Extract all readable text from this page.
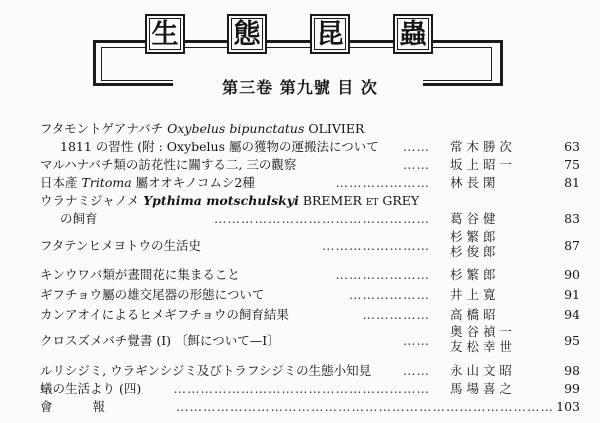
生 態 昆 蟲
第三卷 第九號 目 次
フタモントゲアナバチ Oxybelus bipunctatus OLIVIER
1811 の習性 (附 : Oxybelus 屬の獲物の運搬法について …… 常 木 勝 次	63
マルハナバチ類の訪花性に關する二, 三の觀察	…… 坂 上 昭 一	75
日本產 Tritoma 屬オオキノコムシ2種	………………… 林 長 閑	81
ウラナミジャノメ Ypthima motschulskyi BREMER et GREY
の飼育	………………………………………… 葛 谷 健	83
フタテンヒメヨトウの生活史	……………………
杉 繁 郎
杉 俊 郎	87
キンウワバ類が晝間花に集まること	………………… 杉 繁 郎	90
ギフチョウ屬の雄交尾器の形態について	……………… 井 上 寛	91
カンアオイによるヒメギフチョウの飼育結果	…………… 高 橋 昭	94
クロスズメバチ覺書 (I) 〔餌について—I〕	……
奥 谷 禎 一
友 松 幸 世	95
ルリシジミ, ウラギンシジミ及びトラフシジミの生態小知見	…… 永 山 文 昭	98
蟻の生活より (四)	………………………………………………… 馬 場 喜 之	99
會 報	………………………………………………………………………… 103
